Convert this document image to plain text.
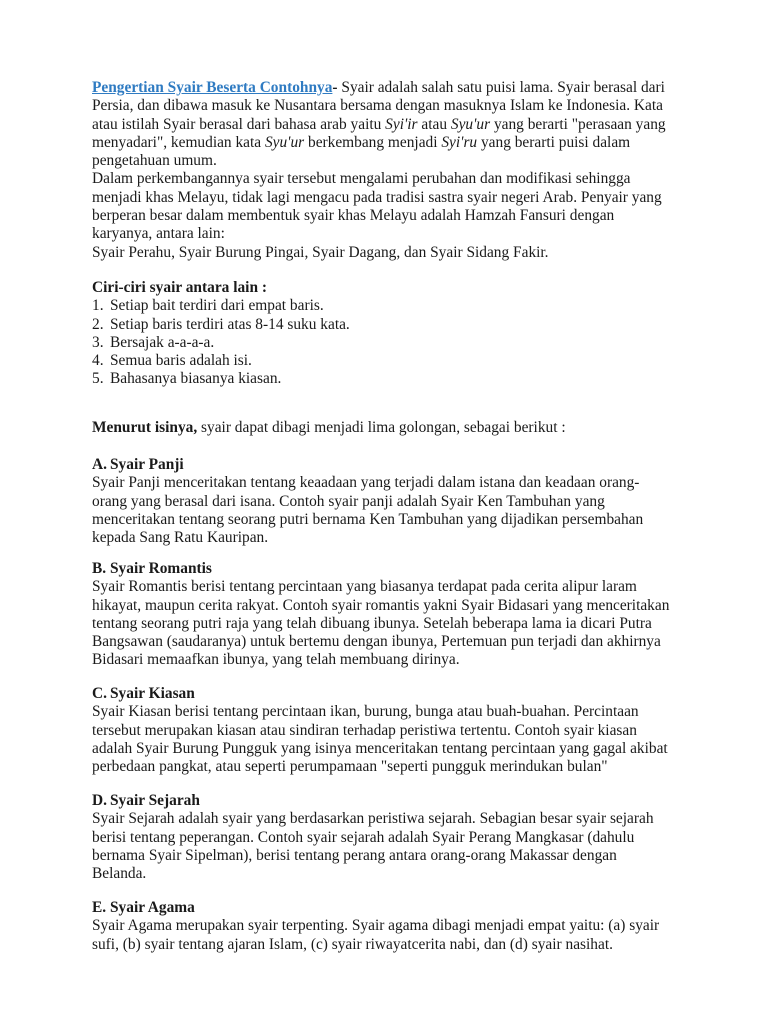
Pengertian Syair Beserta Contohnya- Syair adalah salah satu puisi lama. Syair berasal dari
Persia, dan dibawa masuk ke Nusantara bersama dengan masuknya Islam ke Indonesia. Kata
atau istilah Syair berasal dari bahasa arab yaitu Syi'ir atau Syu'ur yang berarti "perasaan yang
menyadari", kemudian kata Syu'ur berkembang menjadi Syi'ru yang berarti puisi dalam
pengetahuan umum.
Dalam perkembangannya syair tersebut mengalami perubahan dan modifikasi sehingga
menjadi khas Melayu, tidak lagi mengacu pada tradisi sastra syair negeri Arab. Penyair yang
berperan besar dalam membentuk syair khas Melayu adalah Hamzah Fansuri dengan
karyanya, antara lain:
Syair Perahu, Syair Burung Pingai, Syair Dagang, dan Syair Sidang Fakir.
Ciri-ciri syair antara lain :
1. Setiap bait terdiri dari empat baris.
2. Setiap baris terdiri atas 8-14 suku kata.
3. Bersajak a-a-a-a.
4. Semua baris adalah isi.
5. Bahasanya biasanya kiasan.
Menurut isinya, syair dapat dibagi menjadi lima golongan, sebagai berikut :
A. Syair Panji
Syair Panji menceritakan tentang keaadaan yang terjadi dalam istana dan keadaan orang-
orang yang berasal dari isana. Contoh syair panji adalah Syair Ken Tambuhan yang
menceritakan tentang seorang putri bernama Ken Tambuhan yang dijadikan persembahan
kepada Sang Ratu Kauripan.
B. Syair Romantis
Syair Romantis berisi tentang percintaan yang biasanya terdapat pada cerita alipur laram
hikayat, maupun cerita rakyat. Contoh syair romantis yakni Syair Bidasari yang menceritakan
tentang seorang putri raja yang telah dibuang ibunya. Setelah beberapa lama ia dicari Putra
Bangsawan (saudaranya) untuk bertemu dengan ibunya, Pertemuan pun terjadi dan akhirnya
Bidasari memaafkan ibunya, yang telah membuang dirinya.
C. Syair Kiasan
Syair Kiasan berisi tentang percintaan ikan, burung, bunga atau buah-buahan. Percintaan
tersebut merupakan kiasan atau sindiran terhadap peristiwa tertentu. Contoh syair kiasan
adalah Syair Burung Pungguk yang isinya menceritakan tentang percintaan yang gagal akibat
perbedaan pangkat, atau seperti perumpamaan "seperti pungguk merindukan bulan"
D. Syair Sejarah
Syair Sejarah adalah syair yang berdasarkan peristiwa sejarah. Sebagian besar syair sejarah
berisi tentang peperangan. Contoh syair sejarah adalah Syair Perang Mangkasar (dahulu
bernama Syair Sipelman), berisi tentang perang antara orang-orang Makassar dengan
Belanda.
E. Syair Agama
Syair Agama merupakan syair terpenting. Syair agama dibagi menjadi empat yaitu: (a) syair
sufi, (b) syair tentang ajaran Islam, (c) syair riwayatcerita nabi, dan (d) syair nasihat.
